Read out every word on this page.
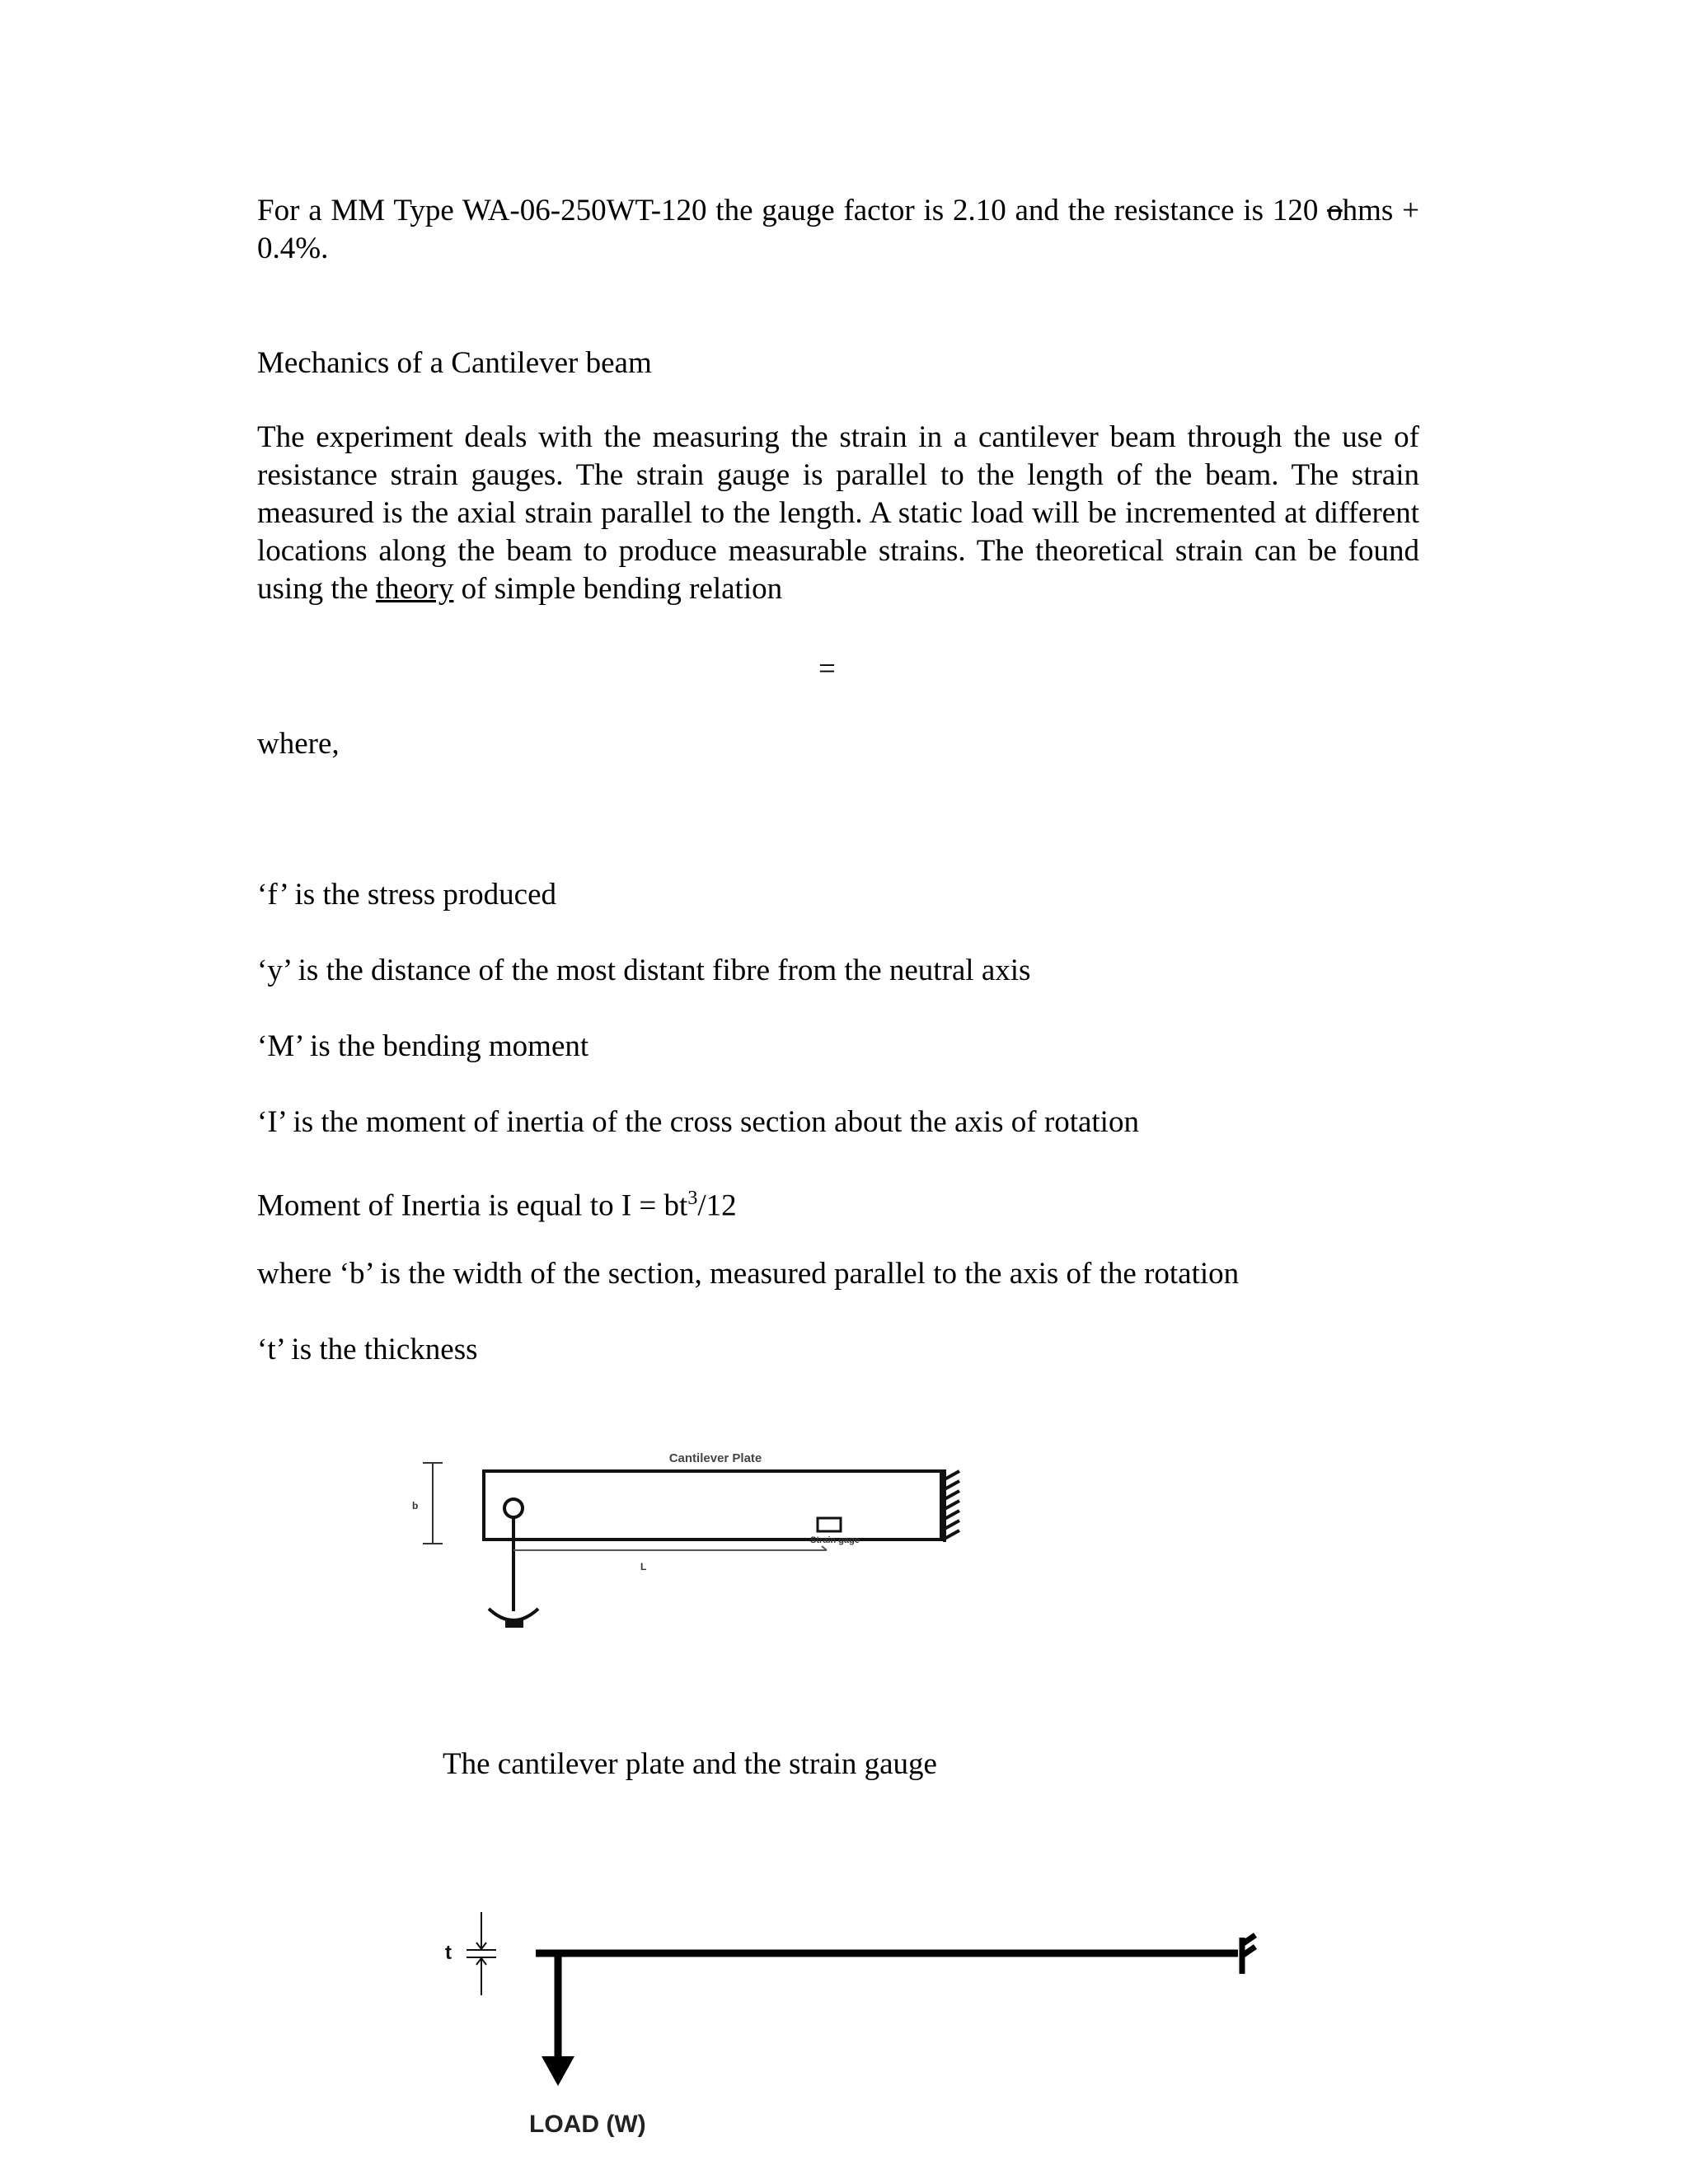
For a MM Type WA-06-250WT-120 the gauge factor is 2.10 and the resistance is 120 ohms + 0.4%.

Mechanics of a Cantilever beam

The experiment deals with the measuring the strain in a cantilever beam through the use of resistance strain gauges. The strain gauge is parallel to the length of the beam. The strain measured is the axial strain parallel to the length. A static load will be incremented at different locations along the beam to produce measurable strains. The theoretical strain can be found using the theory of simple bending relation

=

where,

‘f’ is the stress produced

‘y’ is the distance of the most distant fibre from the neutral axis

‘M’ is the bending moment

‘I’ is the moment of inertia of the cross section about the axis of rotation

Moment of Inertia is equal to $I = bt^3/12$

where ‘b’ is the width of the section, measured parallel to the axis of the rotation

‘t’ is the thickness

Cantilever Plate
b
L
Strain gage
The cantilever plate and the strain gauge
t
LOAD (W)
